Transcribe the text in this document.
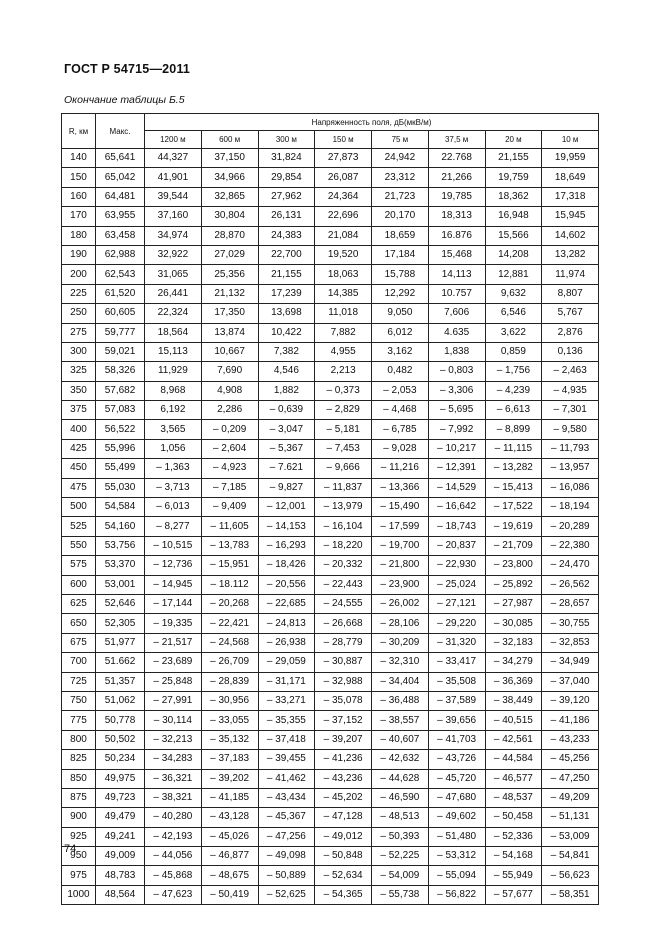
ГОСТ Р 54715—2011
Окончание таблицы Б.5
R, км	Макс.	Напряженность поля, дБ(мкВ/м)							
		1200 м	600 м	300 м	150 м	75 м	37,5 м	20 м	10 м
140	65,641	44,327	37,150	31,824	27,873	24,942	22.768	21,155	19,959
150	65,042	41,901	34,966	29,854	26,087	23,312	21,266	19,759	18,649
160	64,481	39,544	32,865	27,962	24,364	21,723	19,785	18,362	17,318
170	63,955	37,160	30,804	26,131	22,696	20,170	18,313	16,948	15,945
180	63,458	34,974	28,870	24,383	21,084	18,659	16.876	15,566	14,602
190	62,988	32,922	27,029	22,700	19,520	17,184	15,468	14,208	13,282
200	62,543	31,065	25,356	21,155	18,063	15,788	14,113	12,881	11,974
225	61,520	26,441	21,132	17,239	14,385	12,292	10.757	9,632	8,807
250	60,605	22,324	17,350	13,698	11,018	9,050	7,606	6,546	5,767
275	59,777	18,564	13,874	10,422	7,882	6,012	4.635	3,622	2,876
300	59,021	15,113	10,667	7,382	4,955	3,162	1,838	0,859	0,136
325	58,326	11,929	7,690	4,546	2,213	0,482	– 0,803	– 1,756	– 2,463
350	57,682	8,968	4,908	1,882	– 0,373	– 2,053	– 3,306	– 4,239	– 4,935
375	57,083	6,192	2,286	– 0,639	– 2,829	– 4,468	– 5,695	– 6,613	– 7,301
400	56,522	3,565	– 0,209	– 3,047	– 5,181	– 6,785	– 7,992	– 8,899	– 9,580
425	55,996	1,056	– 2,604	– 5,367	– 7,453	– 9,028	– 10,217	– 11,115	– 11,793
450	55,499	– 1,363	– 4,923	– 7.621	– 9,666	– 11,216	– 12,391	– 13,282	– 13,957
475	55,030	– 3,713	– 7,185	– 9,827	– 11,837	– 13,366	– 14,529	– 15,413	– 16,086
500	54,584	– 6,013	– 9,409	– 12,001	– 13,979	– 15,490	– 16,642	– 17,522	– 18,194
525	54,160	– 8,277	– 11,605	– 14,153	– 16,104	– 17,599	– 18,743	– 19,619	– 20,289
550	53,756	– 10,515	– 13,783	– 16,293	– 18,220	– 19,700	– 20,837	– 21,709	– 22,380
575	53,370	– 12,736	– 15,951	– 18,426	– 20,332	– 21,800	– 22,930	– 23,800	– 24,470
600	53,001	– 14,945	– 18.112	– 20,556	– 22,443	– 23,900	– 25,024	– 25,892	– 26,562
625	52,646	– 17,144	– 20,268	– 22,685	– 24,555	– 26,002	– 27,121	– 27,987	– 28,657
650	52,305	– 19,335	– 22,421	– 24,813	– 26,668	– 28,106	– 29,220	– 30,085	– 30,755
675	51,977	– 21,517	– 24,568	– 26,938	– 28,779	– 30,209	– 31,320	– 32,183	– 32,853
700	51.662	– 23,689	– 26,709	– 29,059	– 30,887	– 32,310	– 33,417	– 34,279	– 34,949
725	51,357	– 25,848	– 28,839	– 31,171	– 32,988	– 34,404	– 35,508	– 36,369	– 37,040
750	51,062	– 27,991	– 30,956	– 33,271	– 35,078	– 36,488	– 37,589	– 38,449	– 39,120
775	50,778	– 30,114	– 33,055	– 35,355	– 37,152	– 38,557	– 39,656	– 40,515	– 41,186
800	50,502	– 32,213	– 35,132	– 37,418	– 39,207	– 40,607	– 41,703	– 42,561	– 43,233
825	50,234	– 34,283	– 37,183	– 39,455	– 41,236	– 42,632	– 43,726	– 44,584	– 45,256
850	49,975	– 36,321	– 39,202	– 41,462	– 43,236	– 44,628	– 45,720	– 46,577	– 47,250
875	49,723	– 38,321	– 41,185	– 43,434	– 45,202	– 46,590	– 47,680	– 48,537	– 49,209
900	49,479	– 40,280	– 43,128	– 45,367	– 47,128	– 48,513	– 49,602	– 50,458	– 51,131
925	49,241	– 42,193	– 45,026	– 47,256	– 49,012	– 50,393	– 51,480	– 52,336	– 53,009
950	49,009	– 44,056	– 46,877	– 49,098	– 50,848	– 52,225	– 53,312	– 54,168	– 54,841
975	48,783	– 45,868	– 48,675	– 50,889	– 52,634	– 54,009	– 55,094	– 55,949	– 56,623
1000	48,564	– 47,623	– 50,419	– 52,625	– 54,365	– 55,738	– 56,822	– 57,677	– 58,351
74
